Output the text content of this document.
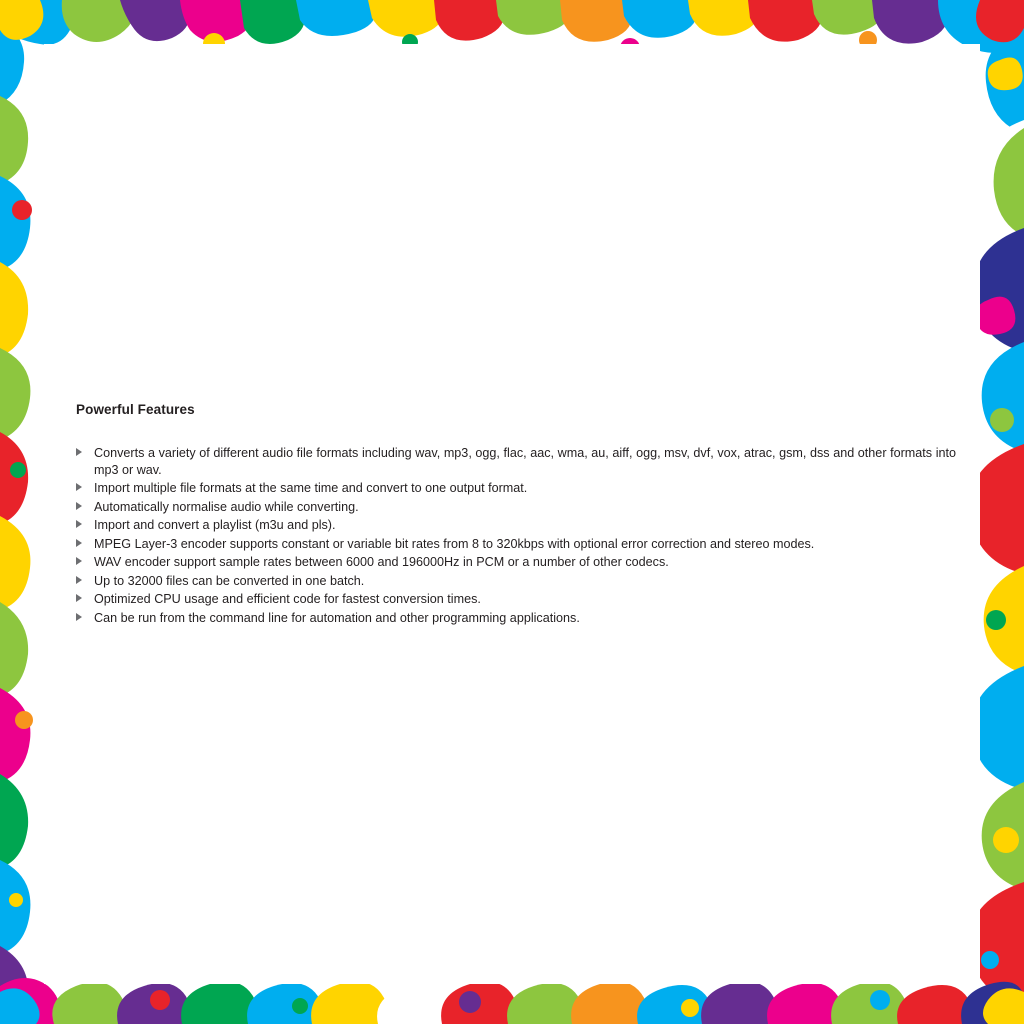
Powerful Features
Converts a variety of different audio file formats including wav, mp3, ogg, flac, aac, wma, au, aiff, ogg, msv, dvf, vox, atrac, gsm, dss and other formats into mp3 or wav.
Import multiple file formats at the same time and convert to one output format.
Automatically normalise audio while converting.
Import and convert a playlist (m3u and pls).
MPEG Layer-3 encoder supports constant or variable bit rates from 8 to 320kbps with optional error correction and stereo modes.
WAV encoder support sample rates between 6000 and 196000Hz in PCM or a number of other codecs.
Up to 32000 files can be converted in one batch.
Optimized CPU usage and efficient code for fastest conversion times.
Can be run from the command line for automation and other programming applications.
